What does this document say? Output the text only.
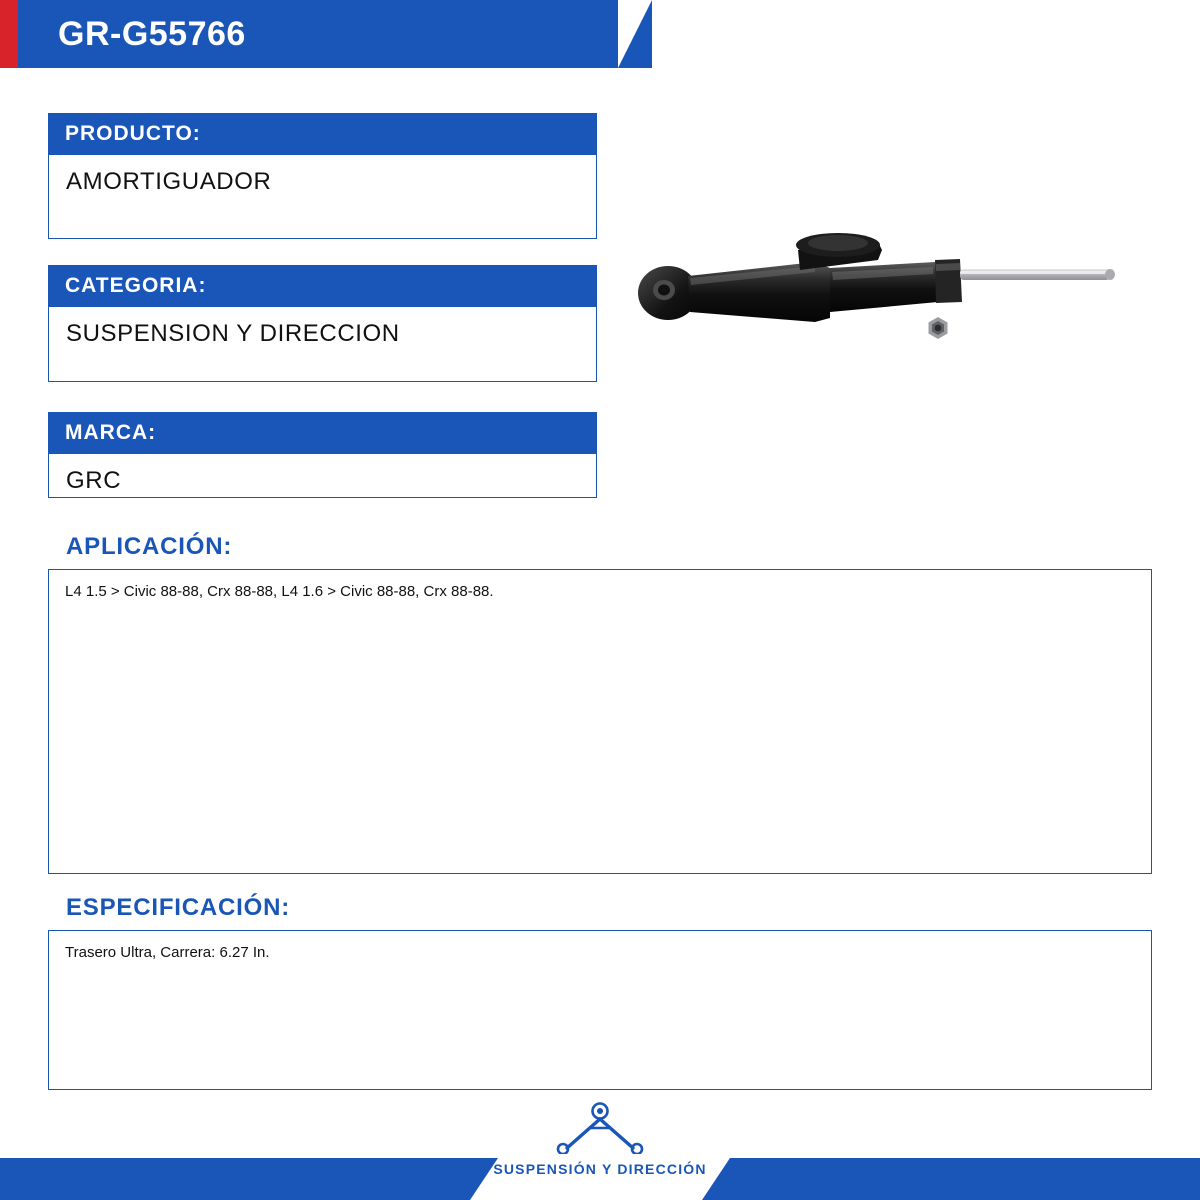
GR-G55766
PRODUCTO:
AMORTIGUADOR
CATEGORIA:
SUSPENSION Y DIRECCION
MARCA:
GRC
APLICACIÓN:
L4 1.5 > Civic 88-88, Crx 88-88, L4 1.6 > Civic 88-88, Crx 88-88.
ESPECIFICACIÓN:
Trasero Ultra, Carrera: 6.27 In.
SUSPENSIÓN Y DIRECCIÓN
